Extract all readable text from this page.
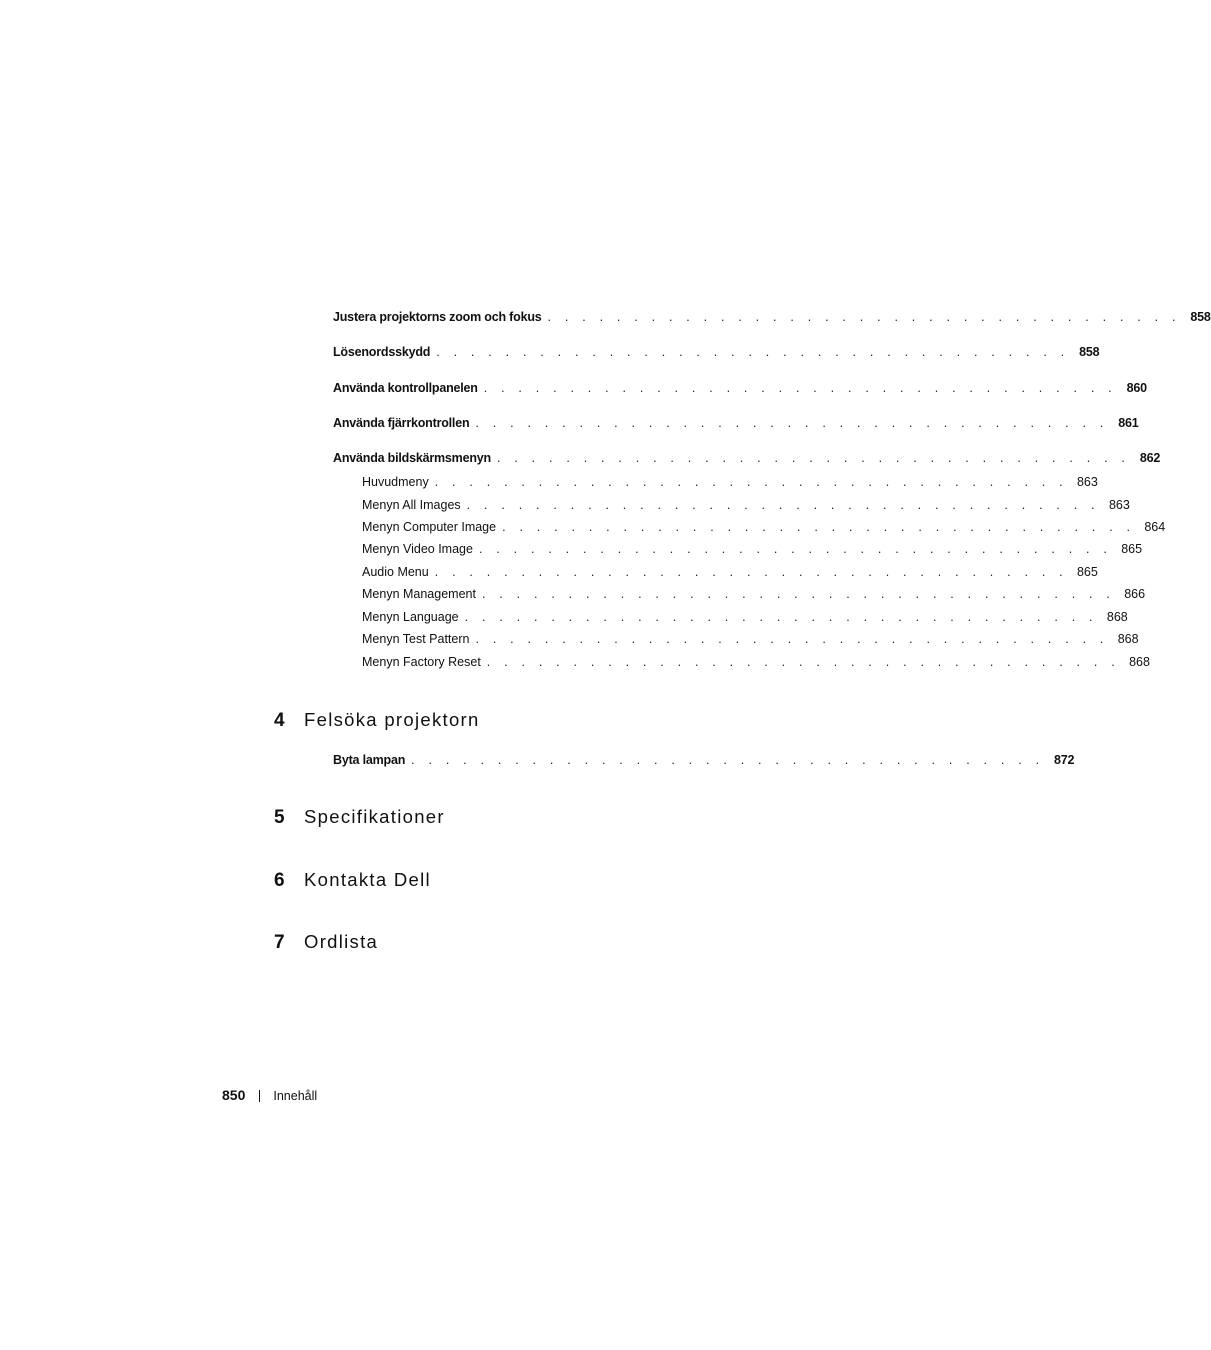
Justera projektorns zoom och fokus . . . . . . . . . . . . . . . . . . . . . . . . . . . . . . . . . . . . . 858
Lösenordsskydd . . . . . . . . . . . . . . . . . . . . . . . . . . . . . . . . . . . . . 858
Använda kontrollpanelen . . . . . . . . . . . . . . . . . . . . . . . . . . . . . . . . . . . . . 860
Använda fjärrkontrollen . . . . . . . . . . . . . . . . . . . . . . . . . . . . . . . . . . . . . 861
Använda bildskärmsmenyn . . . . . . . . . . . . . . . . . . . . . . . . . . . . . . . . . . . . . 862
Huvudmeny . . . . . . . . . . . . . . . . . . . . . . . . . . . . . . . . . . . . . 863
Menyn All Images . . . . . . . . . . . . . . . . . . . . . . . . . . . . . . . . . . . . . 863
Menyn Computer Image . . . . . . . . . . . . . . . . . . . . . . . . . . . . . . . . . . . . . 864
Menyn Video Image . . . . . . . . . . . . . . . . . . . . . . . . . . . . . . . . . . . . . 865
Audio Menu . . . . . . . . . . . . . . . . . . . . . . . . . . . . . . . . . . . . . 865
Menyn Management . . . . . . . . . . . . . . . . . . . . . . . . . . . . . . . . . . . . . 866
Menyn Language . . . . . . . . . . . . . . . . . . . . . . . . . . . . . . . . . . . . . 868
Menyn Test Pattern . . . . . . . . . . . . . . . . . . . . . . . . . . . . . . . . . . . . . 868
Menyn Factory Reset . . . . . . . . . . . . . . . . . . . . . . . . . . . . . . . . . . . . . 868
4	Felsöka projektorn
Byta lampan . . . . . . . . . . . . . . . . . . . . . . . . . . . . . . . . . . . . . 872
5	Specifikationer
6	Kontakta Dell
7	Ordlista
850 Innehåll
